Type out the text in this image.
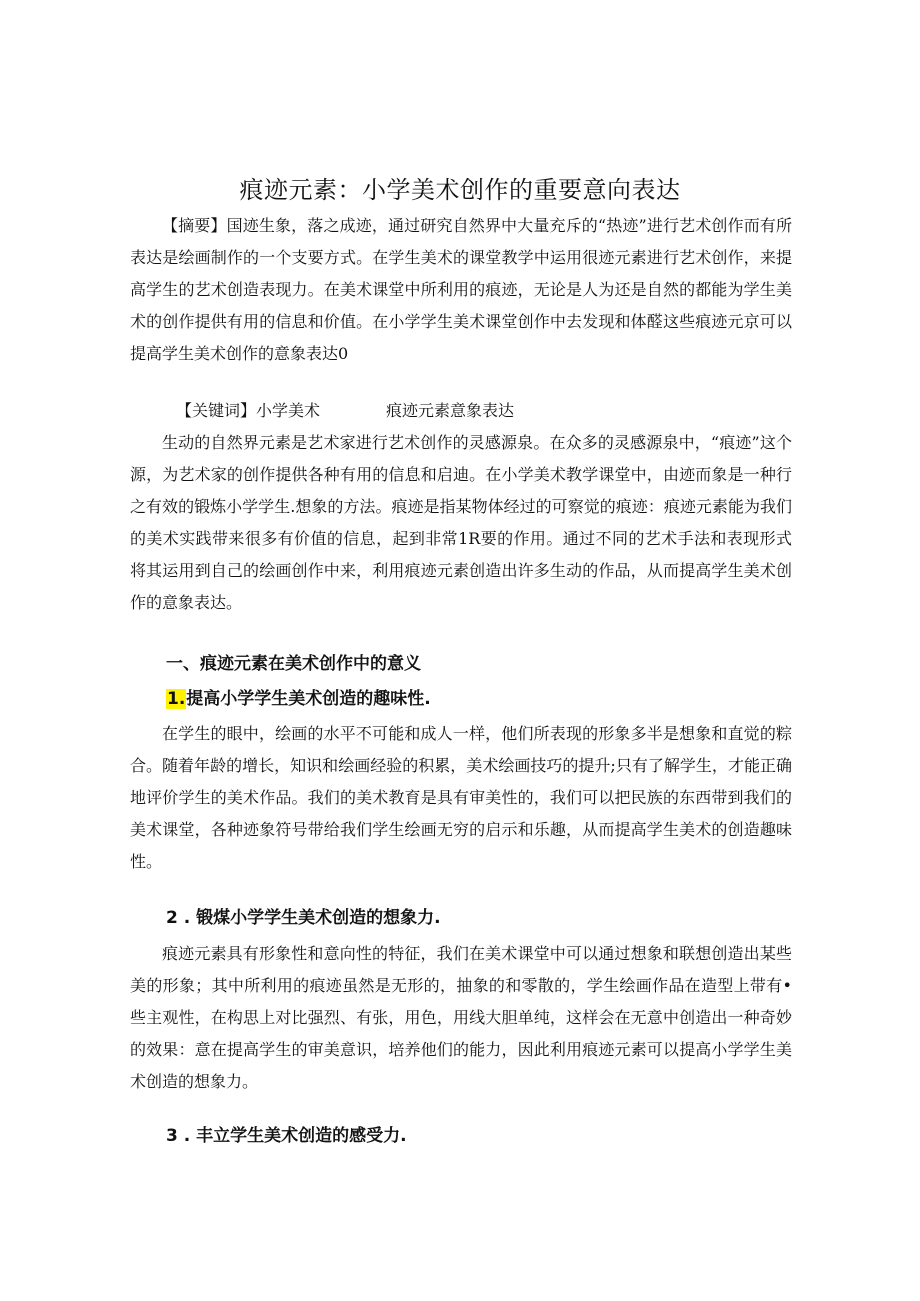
痕迹元素：小学美术创作的重要意向表达

【摘要】国迹生象，落之成迹，通过研究自然界中大量充斥的“热迹”进行艺术创作而有所表达是绘画制作的一个支要方式。在学生美术的课堂教学中运用很迹元素进行艺术创作，来提高学生的艺术创造表现力。在美术课堂中所利用的痕迹，无论是人为还是自然的都能为学生美术的创作提供有用的信息和价值。在小学学生美术课堂创作中去发现和体醛这些痕迹元京可以提高学生美术创作的意象表达0

【关键词】小学美术	痕迹元素意象表达

生动的自然界元素是艺术家进行艺术创作的灵感源泉。在众多的灵感源泉中，“痕迹”这个源，为艺术家的创作提供各种有用的信息和启迪。在小学美术教学课堂中，由迹而象是一种行之有效的锻炼小学学生.想象的方法。痕迹是指某物体经过的可察觉的痕迹：痕迹元素能为我们的美术实践带来很多有价值的信息，起到非常1R要的作用。通过不同的艺术手法和表现形式将其运用到自己的绘画创作中来，利用痕迹元素创造出许多生动的作品，从而提高学生美术创作的意象表达。

一、痕迹元素在美术创作中的意义
1.提高小学学生美术创造的趣味性.

在学生的眼中，绘画的水平不可能和成人一样，他们所表现的形象多半是想象和直觉的粽合。随着年龄的增长，知识和绘画经验的积累，美术绘画技巧的提升;只有了解学生，才能正确地评价学生的美术作品。我们的美术教育是具有审美性的，我们可以把民族的东西带到我们的美术课堂，各种迹象符号带给我们学生绘画无穷的启示和乐趣，从而提高学生美术的创造趣味性。

2 . 锻煤小学学生美术创造的想象力.

痕迹元素具有形象性和意向性的特征，我们在美术课堂中可以通过想象和联想创造出某些美的形象；其中所利用的痕迹虽然是无形的，抽象的和零散的，学生绘画作品在造型上带有•些主观性，在构思上对比强烈、有张，用色，用线大胆单纯，这样会在无意中创造出一种奇妙的效果：意在提高学生的审美意识，培养他们的能力，因此利用痕迹元素可以提高小学学生美术创造的想象力。

3 . 丰立学生美术创造的感受力.
